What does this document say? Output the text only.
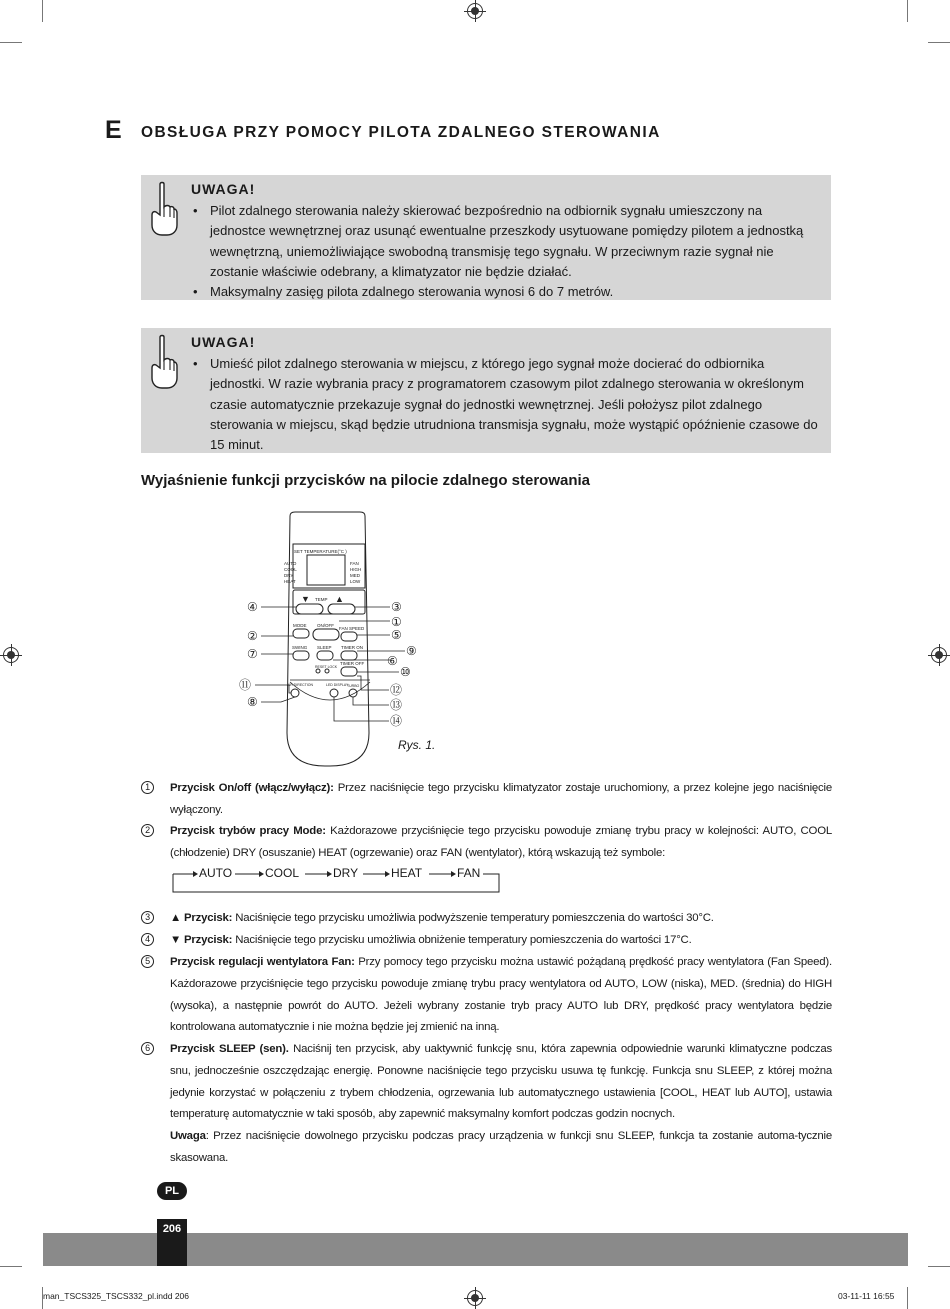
E OBSŁUGA PRZY POMOCY PILOTA ZDALNEGO STEROWANIA
UWAGA!
• Pilot zdalnego sterowania należy skierować bezpośrednio na odbiornik sygnału umieszczony na jednostce wewnętrznej oraz usunąć ewentualne przeszkody usytuowane pomiędzy pilotem a jednostką wewnętrzną, uniemożliwiające swobodną transmisję tego sygnału. W przeciwnym razie sygnał nie zostanie właściwie odebrany, a klimatyzator nie będzie działać.
• Maksymalny zasięg pilota zdalnego sterowania wynosi 6 do 7 metrów.
UWAGA!
• Umieść pilot zdalnego sterowania w miejscu, z którego jego sygnał może docierać do odbiornika jednostki. W razie wybrania pracy z programatorem czasowym pilot zdalnego sterowania w określonym czasie automatycznie przekazuje sygnał do jednostki wewnętrznej. Jeśli położysz pilot zdalnego sterowania w miejscu, skąd będzie utrudniona transmisja sygnału, może wystąpić opóźnienie czasowe do 15 minut.
Wyjaśnienie funkcji przycisków na pilocie zdalnego sterowania
SET TEMPERATURE(°C )
AUTO
COOL
DRY
HEAT
FAN
HIGH
MED
LOW
TEMP
▼	▲
MODE ON/OFF
FAN SPEED
SWING SLEEP TIMER ON
RESET LOCK
TIMER OFF
AIR DIRECTION	LED DISPLAY
TURBO
④	③
①
②	⑤
⑨
⑦	⑥
⑩
⑪	⑫
⑧	⑬
⑭
Rys. 1.
1	Przycisk On/off (włącz/wyłącz): Przez naciśnięcie tego przycisku klimatyzator zostaje uruchomiony, a przez kolejne jego naciśnięcie wyłączony.
2	Przycisk trybów pracy Mode: Każdorazowe przyciśnięcie tego przycisku powoduje zmianę trybu pracy w kolejności: AUTO, COOL (chłodzenie) DRY (osuszanie) HEAT (ogrzewanie) oraz FAN (wentylator), którą wskazują też symbole:
AUTO	COOL	DRY	HEAT	FAN
3	▲ Przycisk: Naciśnięcie tego przycisku umożliwia podwyższenie temperatury pomieszczenia do wartości 30°C.
4	▼ Przycisk: Naciśnięcie tego przycisku umożliwia obniżenie temperatury pomieszczenia do wartości 17°C.
5	Przycisk regulacji wentylatora Fan: Przy pomocy tego przycisku można ustawić pożądaną prędkość pracy wentylatora (Fan Speed). Każdorazowe przyciśnięcie tego przycisku powoduje zmianę trybu pracy wentylatora od AUTO, LOW (niska), MED. (średnia) do HIGH (wysoka), a następnie powrót do AUTO. Jeżeli wybrany zostanie tryb pracy AUTO lub DRY, prędkość pracy wentylatora będzie kontrolowana automatycznie i nie można będzie jej zmienić na inną.
6	Przycisk SLEEP (sen). Naciśnij ten przycisk, aby uaktywnić funkcję snu, która zapewnia odpowiednie warunki klimatyczne podczas snu, jednocześnie oszczędzając energię. Ponowne naciśnięcie tego przycisku usuwa tę funkcję. Funkcja snu SLEEP, z której można jedynie korzystać w połączeniu z trybem chłodzenia, ogrzewania lub automatycznego ustawienia [COOL, HEAT lub AUTO], ustawia temperaturę automatycznie w taki sposób, aby zapewnić maksymalny komfort podczas godzin nocnych.
Uwaga: Przez naciśnięcie dowolnego przycisku podczas pracy urządzenia w funkcji snu SLEEP, funkcja ta zostanie automa-tycznie skasowana.
PL
206
man_TSCS325_TSCS332_pl.indd 206	03-11-11 16:55
